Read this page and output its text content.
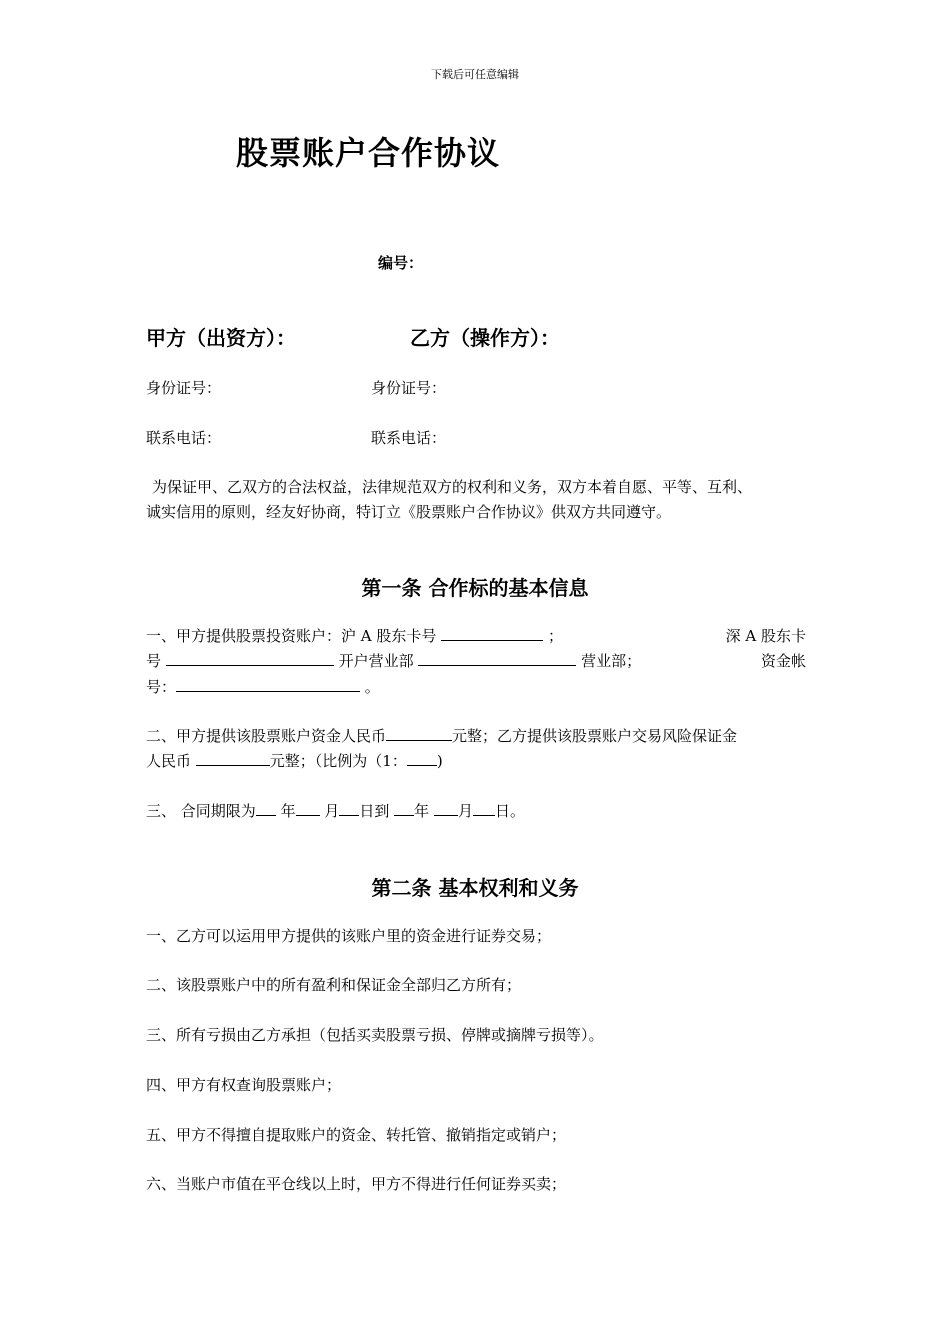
下载后可任意编辑
股票账户合作协议
编号：
甲方（出资方）：	乙方（操作方）：
身份证号：	身份证号：
联系电话：	联系电话：
为保证甲、乙双方的合法权益，法律规范双方的权利和义务，双方本着自愿、平等、互利、
诚实信用的原则，经友好协商，特订立《股票账户合作协议》供双方共同遵守。
第一条 合作标的基本信息
一、甲方提供股票投资账户：沪 A 股东卡号	；	深 A 股东卡
号	开户营业部	营业部；	资金帐
号：	。
二、甲方提供该股票账户资金人民币	元整；乙方提供该股票账户交易风险保证金
人民币	元整；（比例为（1： )
三、 合同期限为 年 月 日到 年 月 日。
第二条 基本权利和义务
一、乙方可以运用甲方提供的该账户里的资金进行证券交易；
二、该股票账户中的所有盈利和保证金全部归乙方所有；
三、所有亏损由乙方承担（包括买卖股票亏损、停牌或摘牌亏损等）。
四、甲方有权查询股票账户；
五、甲方不得擅自提取账户的资金、转托管、撤销指定或销户；
六、当账户市值在平仓线以上时，甲方不得进行任何证券买卖；
